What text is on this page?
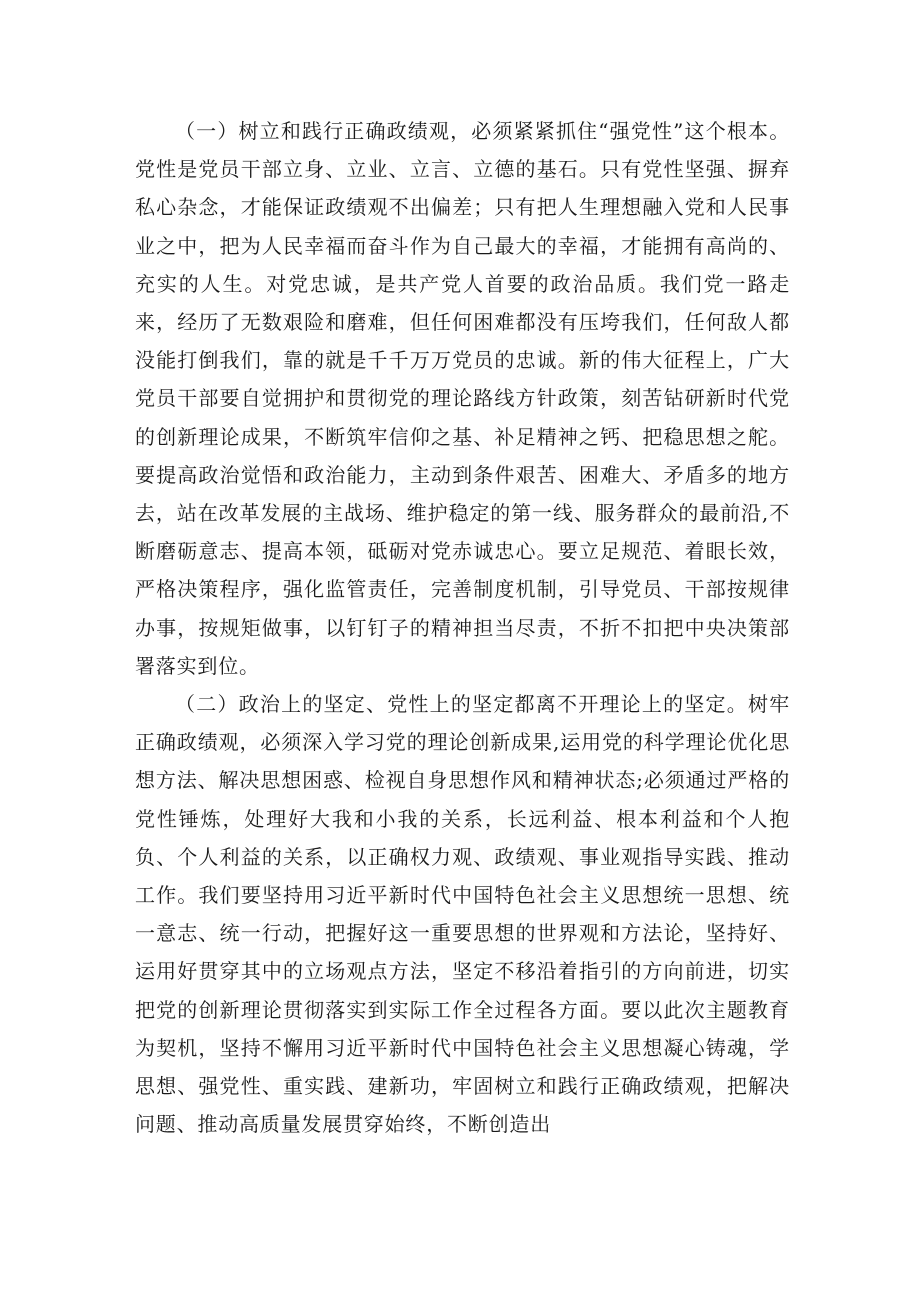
（一）树立和践行正确政绩观，必须紧紧抓住“强党性”这个根本。党性是党员干部立身、立业、立言、立德的基石。只有党性坚强、摒弃私心杂念，才能保证政绩观不出偏差；只有把人生理想融入党和人民事业之中，把为人民幸福而奋斗作为自己最大的幸福，才能拥有高尚的、充实的人生。对党忠诚，是共产党人首要的政治品质。我们党一路走来，经历了无数艰险和磨难，但任何困难都没有压垮我们，任何敌人都没能打倒我们，靠的就是千千万万党员的忠诚。新的伟大征程上，广大党员干部要自觉拥护和贯彻党的理论路线方针政策，刻苦钻研新时代党的创新理论成果，不断筑牢信仰之基、补足精神之钙、把稳思想之舵。要提高政治觉悟和政治能力，主动到条件艰苦、困难大、矛盾多的地方去，站在改革发展的主战场、维护稳定的第一线、服务群众的最前沿,不断磨砺意志、提高本领，砥砺对党赤诚忠心。要立足规范、着眼长效，严格决策程序，强化监管责任，完善制度机制，引导党员、干部按规律办事，按规矩做事，以钉钉子的精神担当尽责，不折不扣把中央决策部署落实到位。

（二）政治上的坚定、党性上的坚定都离不开理论上的坚定。树牢正确政绩观，必须深入学习党的理论创新成果,运用党的科学理论优化思想方法、解决思想困惑、检视自身思想作风和精神状态;必须通过严格的党性锤炼，处理好大我和小我的关系，长远利益、根本利益和个人抱负、个人利益的关系，以正确权力观、政绩观、事业观指导实践、推动工作。我们要坚持用习近平新时代中国特色社会主义思想统一思想、统一意志、统一行动，把握好这一重要思想的世界观和方法论，坚持好、运用好贯穿其中的立场观点方法，坚定不移沿着指引的方向前进，切实把党的创新理论贯彻落实到实际工作全过程各方面。要以此次主题教育为契机，坚持不懈用习近平新时代中国特色社会主义思想凝心铸魂，学思想、强党性、重实践、建新功，牢固树立和践行正确政绩观，把解决问题、推动高质量发展贯穿始终，不断创造出
